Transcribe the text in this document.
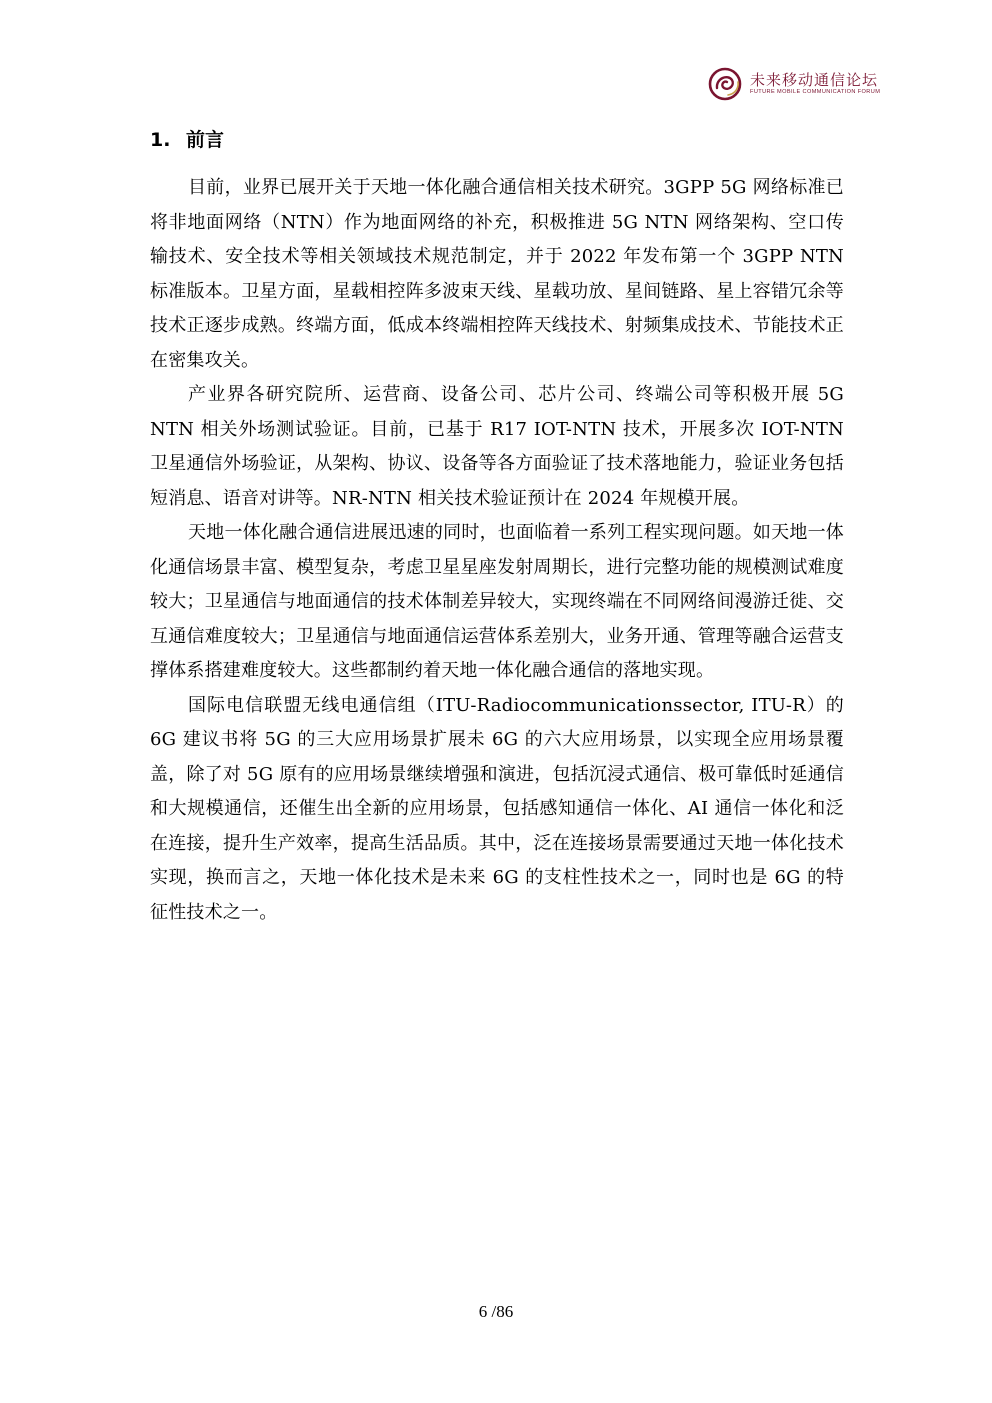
未来移动通信论坛
FUTURE MOBILE COMMUNICATION FORUM
1. 前言

目前，业界已展开关于天地一体化融合通信相关技术研究。3GPP 5G 网络标准已将非地面网络（NTN）作为地面网络的补充，积极推进 5G NTN 网络架构、空口传输技术、安全技术等相关领域技术规范制定，并于 2022 年发布第一个 3GPP NTN 标准版本。卫星方面，星载相控阵多波束天线、星载功放、星间链路、星上容错冗余等技术正逐步成熟。终端方面，低成本终端相控阵天线技术、射频集成技术、节能技术正在密集攻关。

产业界各研究院所、运营商、设备公司、芯片公司、终端公司等积极开展 5G NTN 相关外场测试验证。目前，已基于 R17 IOT-NTN 技术，开展多次 IOT-NTN 卫星通信外场验证，从架构、协议、设备等各方面验证了技术落地能力，验证业务包括短消息、语音对讲等。NR-NTN 相关技术验证预计在 2024 年规模开展。

天地一体化融合通信进展迅速的同时，也面临着一系列工程实现问题。如天地一体化通信场景丰富、模型复杂，考虑卫星星座发射周期长，进行完整功能的规模测试难度较大；卫星通信与地面通信的技术体制差异较大，实现终端在不同网络间漫游迁徙、交互通信难度较大；卫星通信与地面通信运营体系差别大，业务开通、管理等融合运营支撑体系搭建难度较大。这些都制约着天地一体化融合通信的落地实现。

国际电信联盟无线电通信组（ITU-Radiocommunicationssector, ITU-R）的 6G 建议书将 5G 的三大应用场景扩展未 6G 的六大应用场景，以实现全应用场景覆盖，除了对 5G 原有的应用场景继续增强和演进，包括沉浸式通信、极可靠低时延通信和大规模通信，还催生出全新的应用场景，包括感知通信一体化、AI 通信一体化和泛在连接，提升生产效率，提高生活品质。其中，泛在连接场景需要通过天地一体化技术实现，换而言之，天地一体化技术是未来 6G 的支柱性技术之一，同时也是 6G 的特征性技术之一。

6 /86
